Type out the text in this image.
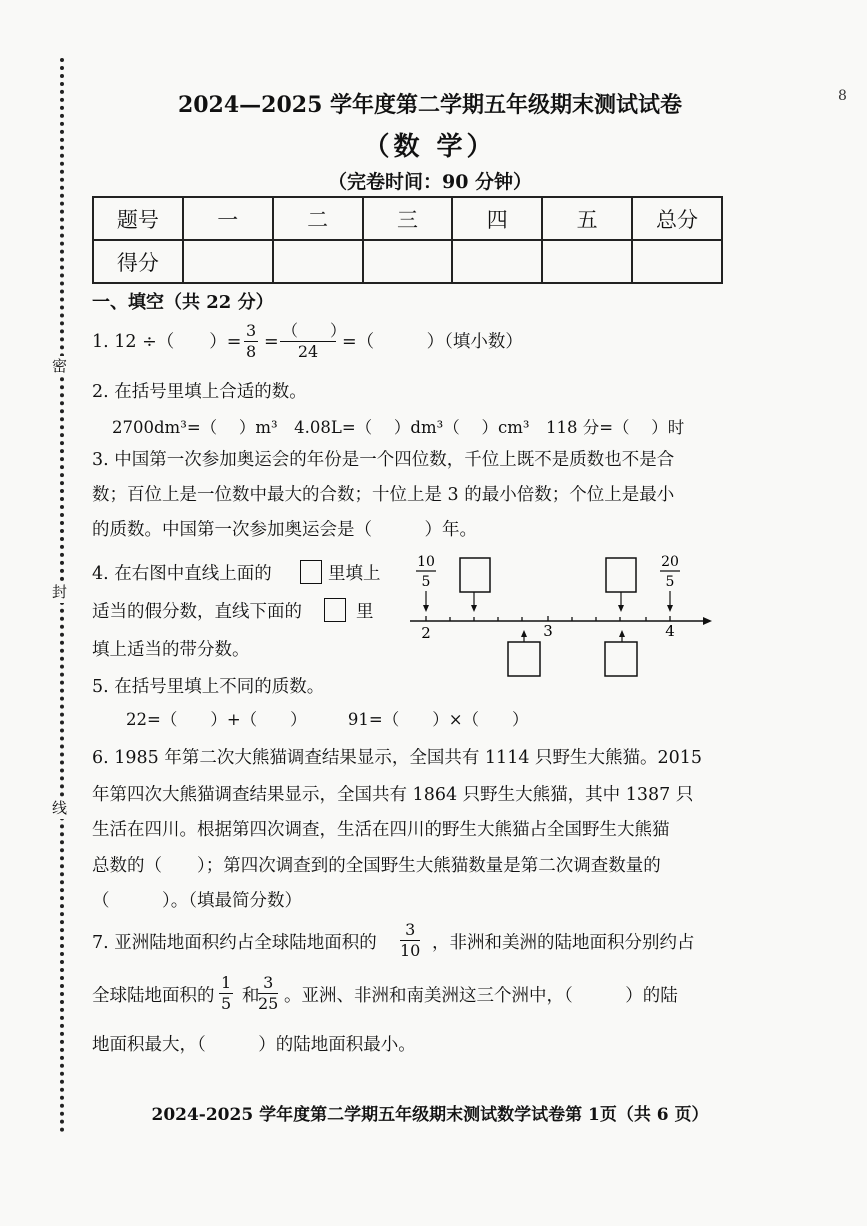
密
封
线
8
2024—2025 学年度第二学期五年级期末测试试卷
（数 学）
（完卷时间：90 分钟）
题号	一	二	三	四	五	总分
得分						
一、填空（共 22 分）
1. 12 ÷（　　）= $\frac{3}{8}$ =
（　　）
24	=（　　　）（填小数）
2. 在括号里填上合适的数。
2700dm³=（　 ）m³　4.08L=（　 ）dm³（　 ）cm³　118 分=（　 ）时
3. 中国第一次参加奥运会的年份是一个四位数，千位上既不是质数也不是合
数；百位上是一位数中最大的合数；十位上是 3 的最小倍数；个位上是最小
的质数。中国第一次参加奥运会是（　　　）年。
4. 在右图中直线上面的	里填上
适当的假分数，直线下面的	里
填上适当的带分数。
2	3	4
10
5
20
5
5. 在括号里填上不同的质数。
22=（　　）+（　　）　　　91=（　　）×（　　）
6. 1985 年第二次大熊猫调查结果显示，全国共有 1114 只野生大熊猫。2015
年第四次大熊猫调查结果显示，全国共有 1864 只野生大熊猫，其中 1387 只
生活在四川。根据第四次调查，生活在四川的野生大熊猫占全国野生大熊猫
总数的（　　）；第四次调查到的全国野生大熊猫数量是第二次调查数量的
（　　　）。（填最简分数）
7. 亚洲陆地面积约占全球陆地面积的 $\frac{3}{10}$ ，非洲和美洲的陆地面积分别约占
全球陆地面积的 $\frac{1}{5}$ 和
$\frac{3}{25}$ 。亚洲、非洲和南美洲这三个洲中，（　　　）的陆
地面积最大，（　　　）的陆地面积最小。
2024-2025 学年度第二学期五年级期末测试数学试卷第 1页（共 6 页）
